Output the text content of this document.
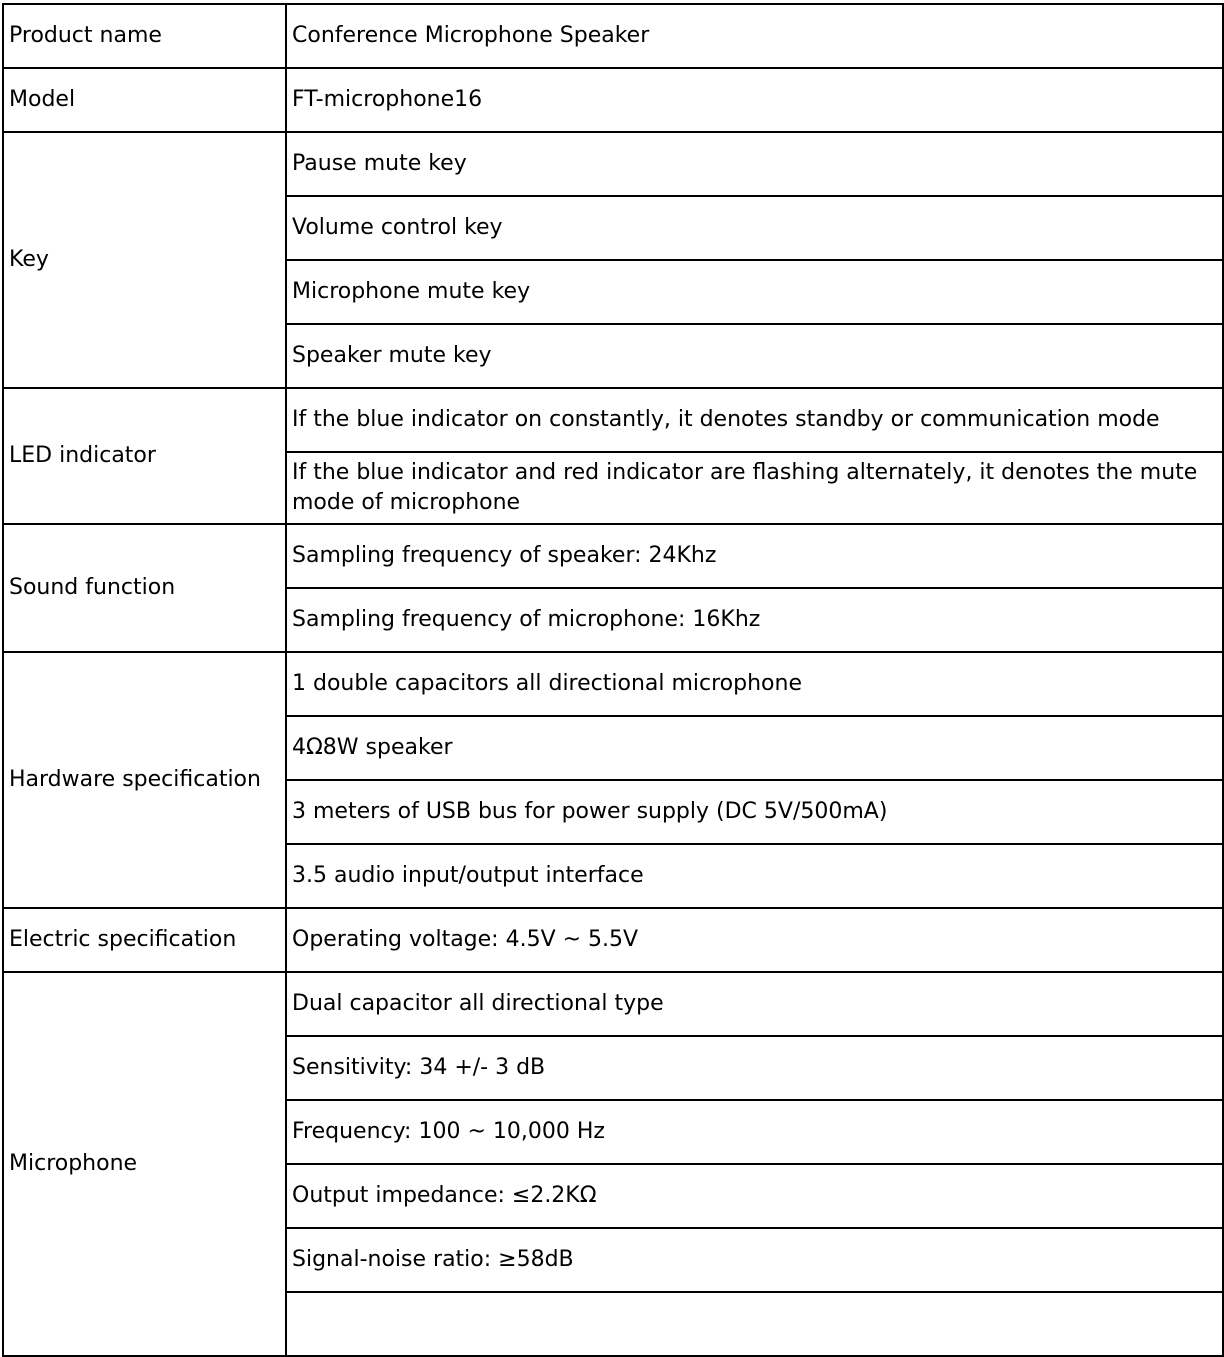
Product name	Conference Microphone Speaker
Model	FT-microphone16
Key	Pause mute key
	Volume control key
	Microphone mute key
	Speaker mute key
LED indicator	If the blue indicator on constantly, it denotes standby or communication mode
	If the blue indicator and red indicator are flashing alternately, it denotes the mute mode of microphone
Sound function	Sampling frequency of speaker: 24Khz
	Sampling frequency of microphone: 16Khz
Hardware specification	1 double capacitors all directional microphone
	4Ω8W speaker
	3 meters of USB bus for power supply (DC 5V/500mA)
	3.5 audio input/output interface
Electric specification	Operating voltage: 4.5V ~ 5.5V
Microphone	Dual capacitor all directional type
	Sensitivity: 34 +/- 3 dB
	Frequency: 100 ~ 10,000 Hz
	Output impedance: ≤2.2KΩ
	Signal-noise ratio: ≥58dB
